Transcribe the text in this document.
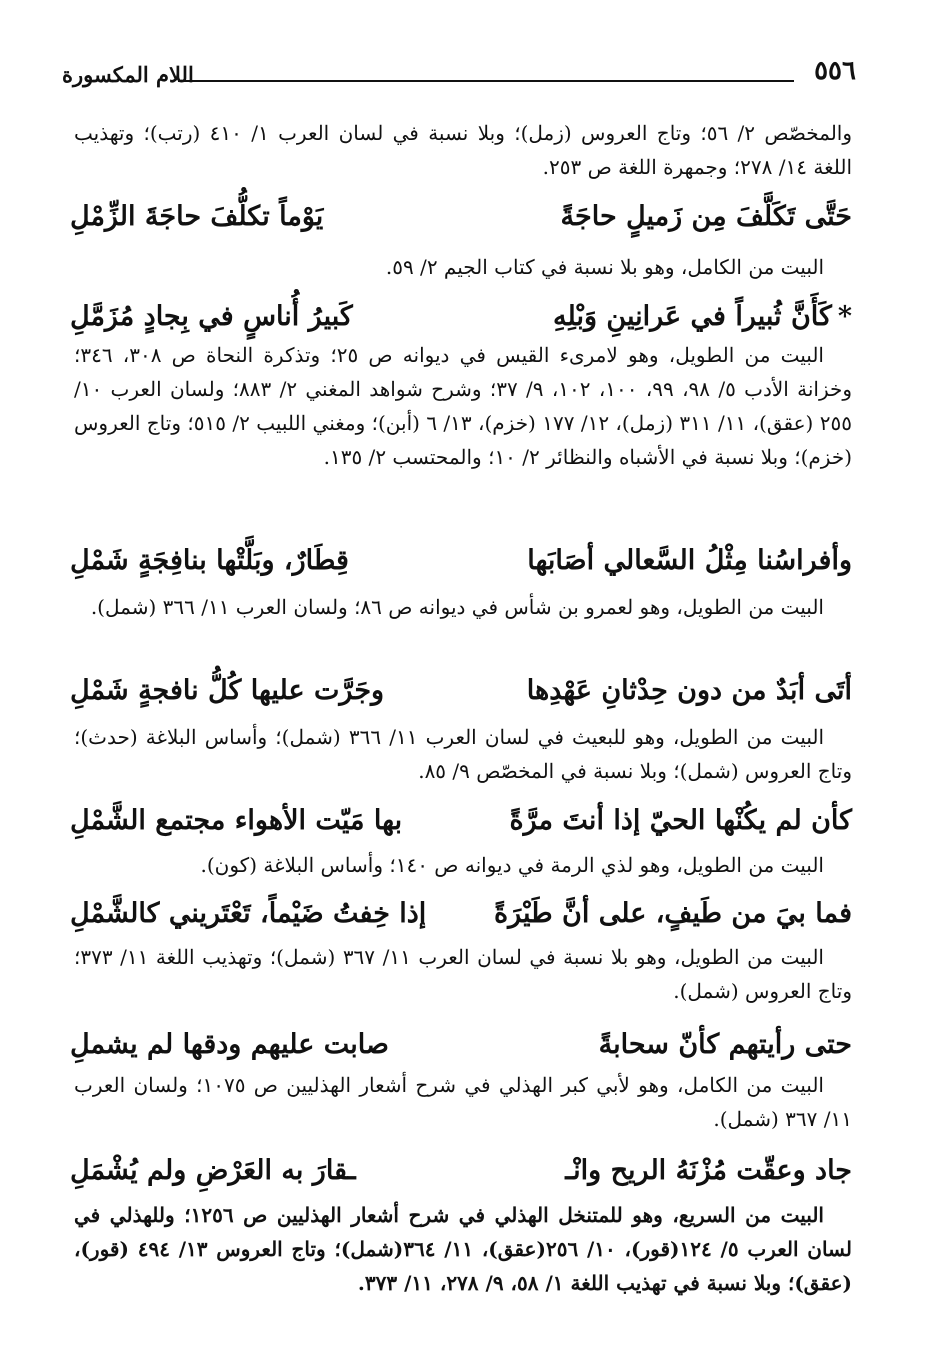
٥٥٦
اللام المكسورة

والمخصّص ٢/ ٥٦؛ وتاج العروس (زمل)؛ وبلا نسبة في لسان العرب ١/ ٤١٠ (رتب)؛ وتهذيب اللغة ١٤/ ٢٧٨؛ وجمهرة اللغة ص ٢٥٣.

حَتَّى تَكَلَّفَ مِن زَميلٍ حاجَةً
يَوْماً تكلُّفَ حاجَةَ الزِّمْلِ

البيت من الكامل، وهو بلا نسبة في كتاب الجيم ٢/ ٥٩.

*كَأَنَّ ثُبيراً في عَرانِينِ وَبْلِهِ
كَبيرُ أُناسٍ في بِجادٍ مُزَمَّلِ

البيت من الطويل، وهو لامرىء القيس في ديوانه ص ٢٥؛ وتذكرة النحاة ص ٣٠٨، ٣٤٦؛ وخزانة الأدب ٥/ ٩٨، ٩٩، ١٠٠، ١٠٢، ٩/ ٣٧؛ وشرح شواهد المغني ٢/ ٨٨٣؛ ولسان العرب ١٠/ ٢٥٥ (عقق)، ١١/ ٣١١ (زمل)، ١٢/ ١٧٧ (خزم)، ١٣/ ٦ (أبن)؛ ومغني اللبيب ٢/ ٥١٥؛ وتاج العروس (خزم)؛ وبلا نسبة في الأشباه والنظائر ٢/ ١٠؛ والمحتسب ٢/ ١٣٥.

وأفراسُنا مِثْلُ السَّعالي أصَابَها
قِطَارٌ، وبَلَّتْها بنافِجَةٍ شَمْلِ

البيت من الطويل، وهو لعمرو بن شأس في ديوانه ص ٨٦؛ ولسان العرب ١١/ ٣٦٦ (شمل).

أتَى أبَدٌ من دون حِدْثانِ عَهْدِها
وجَرَّت عليها كُلُّ نافجةٍ شَمْلِ

البيت من الطويل، وهو للبعيث في لسان العرب ١١/ ٣٦٦ (شمل)؛ وأساس البلاغة (حدث)؛ وتاج العروس (شمل)؛ وبلا نسبة في المخصّص ٩/ ٨٥.

كأن لم يكُنْها الحيّ إذا أنتَ مرَّةً
بها مَيّت الأهواء مجتمع الشَّمْلِ

البيت من الطويل، وهو لذي الرمة في ديوانه ص ١٤٠؛ وأساس البلاغة (كون).

فما بيَ من طَيفٍ، على أنَّ طَيْرَةً
إذا خِفتُ ضَيْماً، تَعْتَريني كالشَّمْلِ

البيت من الطويل، وهو بلا نسبة في لسان العرب ١١/ ٣٦٧ (شمل)؛ وتهذيب اللغة ١١/ ٣٧٣؛ وتاج العروس (شمل).

حتى رأيتهم كأنّ سحابةً
صابت عليهم ودقها لم يشملِ

البيت من الكامل، وهو لأبي كبر الهذلي في شرح أشعار الهذليين ص ١٠٧٥؛ ولسان العرب ١١/ ٣٦٧ (شمل).

جاد وعقّت مُزْنَهُ الريح وانْـ
ـقارَ به العَرْضِ ولم يُشْمَلِ

البيت من السريع، وهو للمتنخل الهذلي في شرح أشعار الهذليين ص ١٢٥٦؛ وللهذلي في لسان العرب ٥/ ١٢٤(قور)، ١٠/ ٢٥٦(عقق)، ١١/ ٣٦٤(شمل)؛ وتاج العروس ١٣/ ٤٩٤ (قور)، (عقق)؛ وبلا نسبة في تهذيب اللغة ١/ ٥٨، ٩/ ٢٧٨، ١١/ ٣٧٣.
